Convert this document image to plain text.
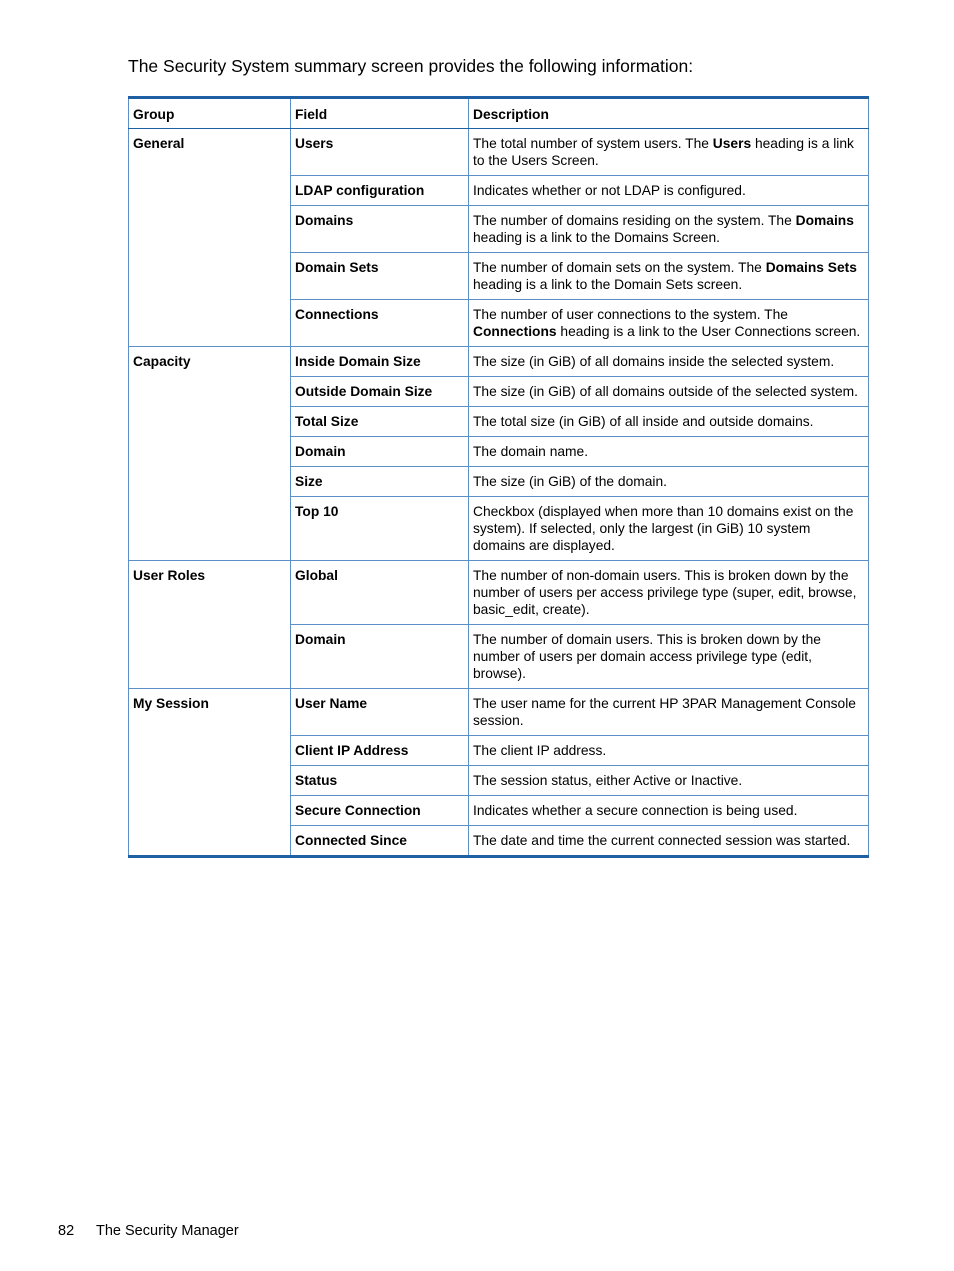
The Security System summary screen provides the following information:

Group	Field	Description
General	Users	The total number of system users. The Users heading is a link to the Users Screen.
	LDAP configuration	Indicates whether or not LDAP is configured.
	Domains	The number of domains residing on the system. The Domains heading is a link to the Domains Screen.
	Domain Sets	The number of domain sets on the system. The Domains Sets heading is a link to the Domain Sets screen.
	Connections	The number of user connections to the system. The Connections heading is a link to the User Connections screen.
Capacity	Inside Domain Size	The size (in GiB) of all domains inside the selected system.
	Outside Domain Size	The size (in GiB) of all domains outside of the selected system.
	Total Size	The total size (in GiB) of all inside and outside domains.
	Domain	The domain name.
	Size	The size (in GiB) of the domain.
	Top 10	Checkbox (displayed when more than 10 domains exist on the system). If selected, only the largest (in GiB) 10 system domains are displayed.
User Roles	Global	The number of non-domain users. This is broken down by the number of users per access privilege type (super, edit, browse, basic_edit, create).
	Domain	The number of domain users. This is broken down by the number of users per domain access privilege type (edit, browse).
My Session	User Name	The user name for the current HP 3PAR Management Console session.
	Client IP Address	The client IP address.
	Status	The session status, either Active or Inactive.
	Secure Connection	Indicates whether a secure connection is being used.
	Connected Since	The date and time the current connected session was started.
82 The Security Manager
